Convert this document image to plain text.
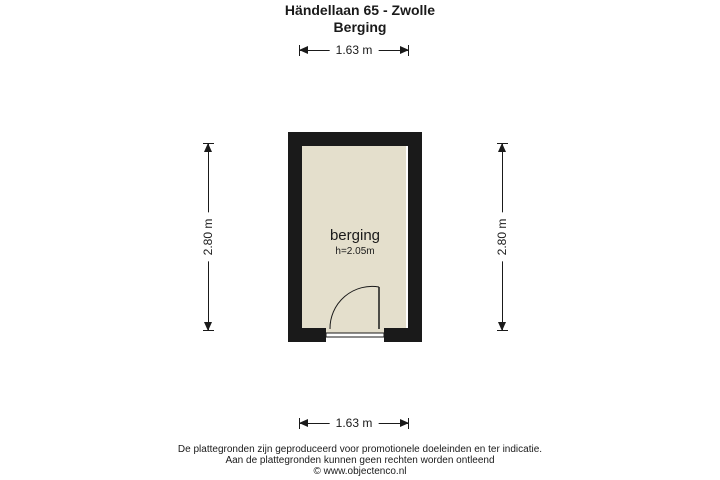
Händellaan 65 - Zwolle
Berging
1.63 m
2.80 m	2.80 m
berging
h=2.05m
1.63 m
De plattegronden zijn geproduceerd voor promotionele doeleinden en ter indicatie.
Aan de plattegronden kunnen geen rechten worden ontleend
© www.objectenco.nl
